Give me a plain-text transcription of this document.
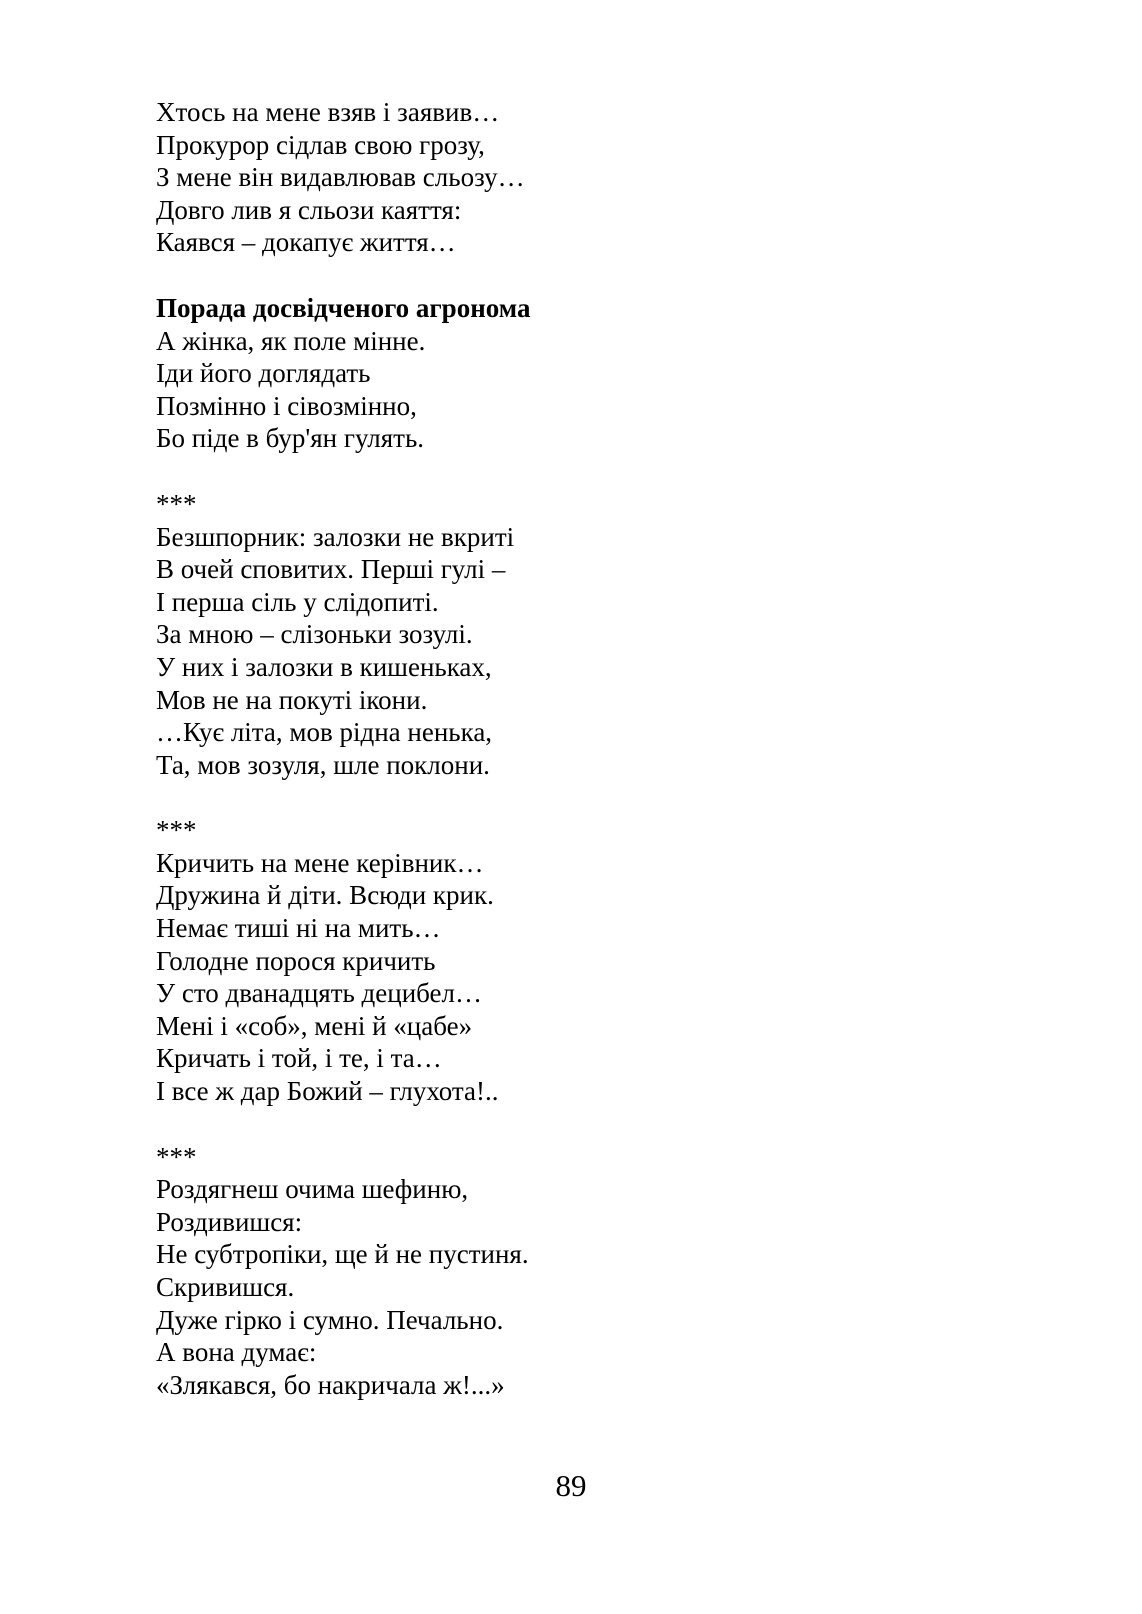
Хтось на мене взяв і заявив…
Прокурор сідлав свою грозу,
З мене він видавлював сльозу…
Довго лив я сльози каяття:
Каявся – докапує життя…
Порада досвідченого агронома
А жінка, як поле мінне.
Іди його доглядать
Позмінно і сівозмінно,
Бо піде в бур'ян гулять.
***
Безшпорник: залозки не вкриті
В очей сповитих. Перші гулі –
І перша сіль у слідопиті.
За мною – слізоньки зозулі.
У них і залозки в кишеньках,
Мов не на покуті ікони.
…Кує літа, мов рідна ненька,
Та, мов зозуля, шле поклони.
***
Кричить на мене керівник…
Дружина й діти. Всюди крик.
Немає тиші ні на мить…
Голодне порося кричить
У сто дванадцять децибел…
Мені і «соб», мені й «цабе»
Кричать і той, і те, і та…
І все ж дар Божий – глухота!..
***
Роздягнеш очима шефиню,
Роздивишся:
Не субтропіки, ще й не пустиня.
Скривишся.
Дуже гірко і сумно. Печально.
А вона думає:
«Злякався, бо накричала ж!...»
89
